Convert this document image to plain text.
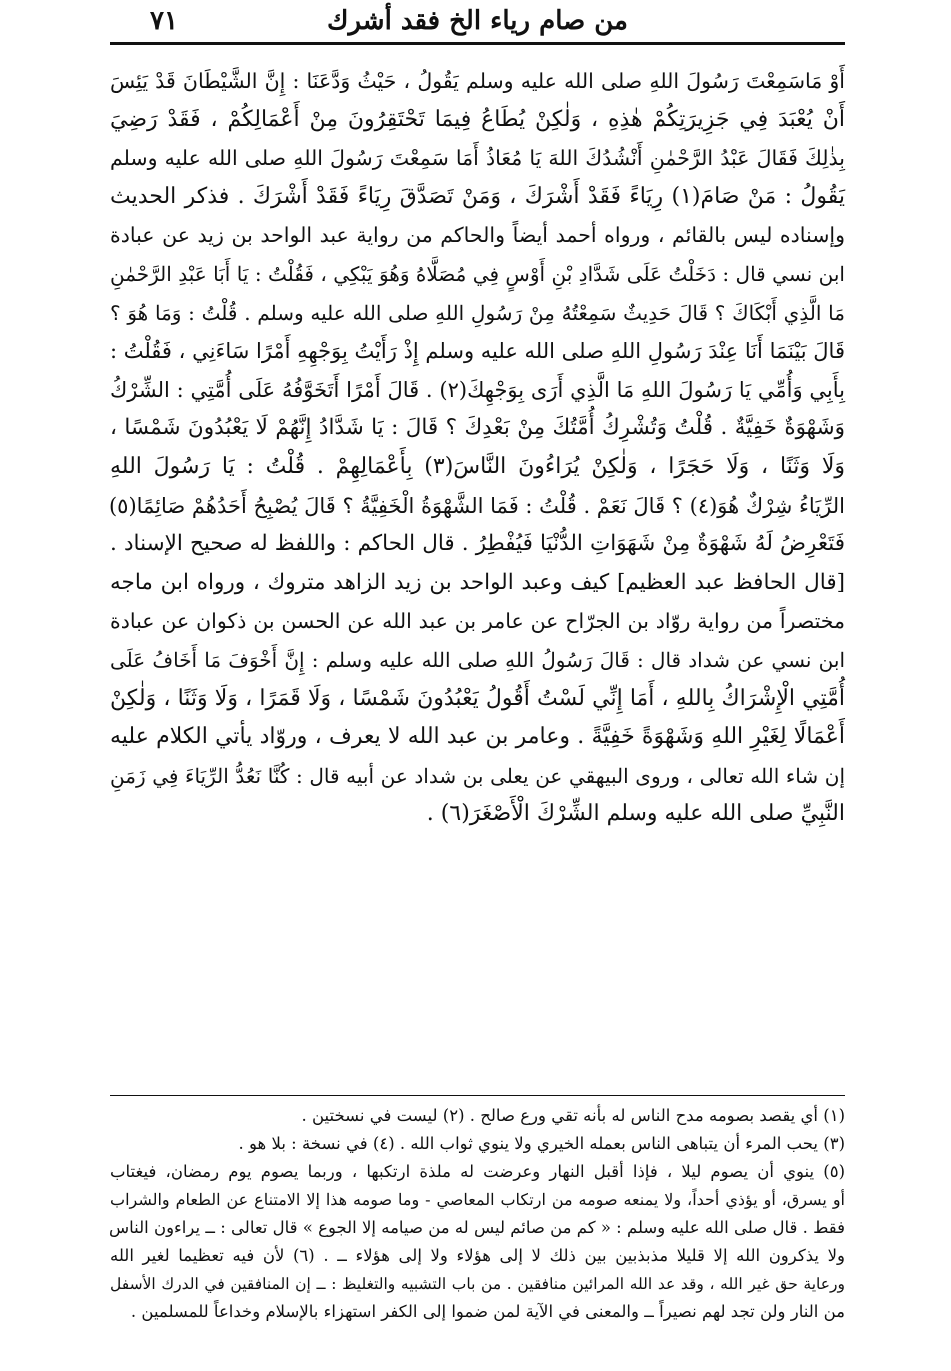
من صام رياء الخ فقد أشرك
٧١
أَوْ مَاسَمِعْتَ رَسُولَ اللهِ صلى الله عليه وسلم يَقُولُ ، حَيْثُ وَدَّعَنَا : إِنَّ الشَّيْطَانَ قَدْ يَئِسَ
أَنْ يُعْبَدَ فِي جَزِيرَتِكُمْ هٰذِهِ ، وَلٰكِنْ يُطَاعُ فِيمَا تَحْتَقِرُونَ مِنْ أَعْمَالِكُمْ ، فَقَدْ رَضِيَ
بِذٰلِكَ فَقَالَ عَبْدُ الرَّحْمٰنِ أَنْشُدُكَ اللهَ يَا مُعَاذُ أَمَا سَمِعْتَ رَسُولَ اللهِ صلى الله عليه وسلم
يَقُولُ : مَنْ صَامَ(١) رِيَاءً فَقَدْ أَشْرَكَ ، وَمَنْ تَصَدَّقَ رِيَاءً فَقَدْ أَشْرَكَ . فذكر الحديث
وإسناده ليس بالقائم ، ورواه أحمد أيضاً والحاكم من رواية عبد الواحد بن زيد عن عبادة
ابن نسي قال : دَخَلْتُ عَلَى شَدَّادِ بْنِ أَوْسٍ فِي مُصَلَّاهُ وَهُوَ يَبْكِي ، فَقُلْتُ : يَا أَبَا عَبْدِ الرَّحْمٰنِ
مَا الَّذِي أَبْكَاكَ ؟ قَالَ حَدِيثٌ سَمِعْتُهُ مِنْ رَسُولِ اللهِ صلى الله عليه وسلم . قُلْتُ : وَمَا هُوَ ؟
قَالَ بَيْنَمَا أَنَا عِنْدَ رَسُولِ اللهِ صلى الله عليه وسلم إِذْ رَأَيْتُ بِوَجْهِهِ أَمْرًا سَاءَنِي ، فَقُلْتُ :
بِأَبِي وَأُمِّي يَا رَسُولَ اللهِ مَا الَّذِي أَرَى بِوَجْهِكَ(٢) . قَالَ أَمْرًا أَتَخَوَّفُهُ عَلَى أُمَّتِي : الشِّرْكُ
وَشَهْوَةٌ خَفِيَّةٌ . قُلْتُ وَتُشْرِكُ أُمَّتُكَ مِنْ بَعْدِكَ ؟ قَالَ : يَا شَدَّادُ إِنَّهُمْ لَا يَعْبُدُونَ شَمْسًا ،
وَلَا وَثَنًا ، وَلَا حَجَرًا ، وَلٰكِنْ يُرَاءُونَ النَّاسَ(٣) بِأَعْمَالِهِمْ . قُلْتُ : يَا رَسُولَ اللهِ
الرِّيَاءُ شِرْكٌ هُوَ(٤) ؟ قَالَ نَعَمْ . قُلْتُ : فَمَا الشَّهْوَةُ الْخَفِيَّةُ ؟ قَالَ يُصْبِحُ أَحَدُهُمْ صَائِمًا(٥)
فَتَعْرِضُ لَهُ شَهْوَةٌ مِنْ شَهَوَاتِ الدُّنْيَا فَيُفْطِرُ . قال الحاكم : واللفظ له صحيح الإسناد .
[قال الحافظ عبد العظيم] كيف وعبد الواحد بن زيد الزاهد متروك ، ورواه ابن ماجه
مختصراً من رواية روّاد بن الجرّاح عن عامر بن عبد الله عن الحسن بن ذكوان عن عبادة
ابن نسي عن شداد قال : قَالَ رَسُولُ اللهِ صلى الله عليه وسلم : إِنَّ أَخْوَفَ مَا أَخَافُ عَلَى
أُمَّتِي الْإِشْرَاكُ بِاللهِ ، أَمَا إِنِّي لَسْتُ أَقُولُ يَعْبُدُونَ شَمْسًا ، وَلَا قَمَرًا ، وَلَا وَثَنًا ، وَلٰكِنْ
أَعْمَالًا لِغَيْرِ اللهِ وَشَهْوَةً خَفِيَّةً . وعامر بن عبد الله لا يعرف ، وروّاد يأتي الكلام عليه
إن شاء الله تعالى ، وروى البيهقي عن يعلى بن شداد عن أبيه قال : كُنَّا نَعُدُّ الرِّيَاءَ فِي زَمَنِ
النَّبِيِّ صلى الله عليه وسلم الشِّرْكَ الْأَصْغَرَ(٦) .
(١) أي يقصد بصومه مدح الناس له بأنه تقي ورع صالح . (٢) ليست في نسختين .
(٣) يحب المرء أن يتباهى الناس بعمله الخيري ولا ينوي ثواب الله . (٤) في نسخة : بلا هو .
(٥) ينوي أن يصوم ليلا ، فإذا أقبل النهار وعرضت له ملذة ارتكبها ، وربما يصوم يوم رمضان، فيغتاب
أو يسرق، أو يؤذي أحداً، ولا يمنعه صومه من ارتكاب المعاصي - وما صومه هذا إلا الامتناع عن الطعام والشراب
فقط . قال صلى الله عليه وسلم : « كم من صائم ليس له من صيامه إلا الجوع » قال تعالى : ــ يراءون الناس
ولا يذكرون الله إلا قليلا مذبذبين بين ذلك لا إلى هؤلاء ولا إلى هؤلاء ــ . (٦) لأن فيه تعظيما لغير الله
ورعاية حق غير الله ، وقد عد الله المرائين منافقين . من باب التشبيه والتغليظ : ــ إن المنافقين في الدرك الأسفل
من النار ولن تجد لهم نصيراً ــ والمعنى في الآية لمن ضموا إلى الكفر استهزاء بالإسلام وخداعاً للمسلمين .
